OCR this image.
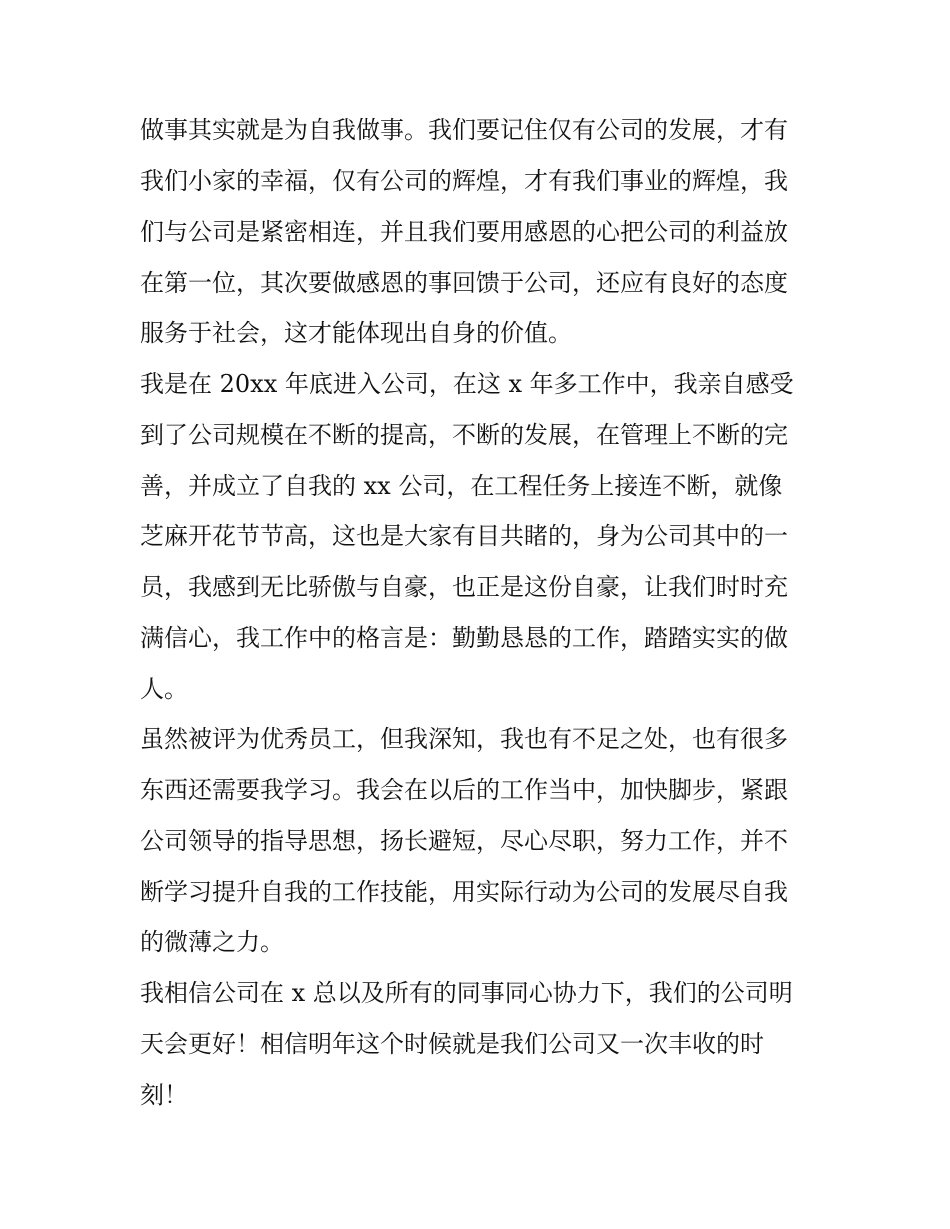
做事其实就是为自我做事。我们要记住仅有公司的发展，才有
我们小家的幸福，仅有公司的辉煌，才有我们事业的辉煌，我
们与公司是紧密相连，并且我们要用感恩的心把公司的利益放
在第一位，其次要做感恩的事回馈于公司，还应有良好的态度
服务于社会，这才能体现出自身的价值。
我是在 20xx 年底进入公司，在这 x 年多工作中，我亲自感受
到了公司规模在不断的提高，不断的发展，在管理上不断的完
善，并成立了自我的 xx 公司，在工程任务上接连不断，就像
芝麻开花节节高，这也是大家有目共睹的，身为公司其中的一
员，我感到无比骄傲与自豪，也正是这份自豪，让我们时时充
满信心，我工作中的格言是：勤勤恳恳的工作，踏踏实实的做
人。
虽然被评为优秀员工，但我深知，我也有不足之处，也有很多
东西还需要我学习。我会在以后的工作当中，加快脚步，紧跟
公司领导的指导思想，扬长避短，尽心尽职，努力工作，并不
断学习提升自我的工作技能，用实际行动为公司的发展尽自我
的微薄之力。
我相信公司在 x 总以及所有的同事同心协力下，我们的公司明
天会更好！相信明年这个时候就是我们公司又一次丰收的时
刻！
